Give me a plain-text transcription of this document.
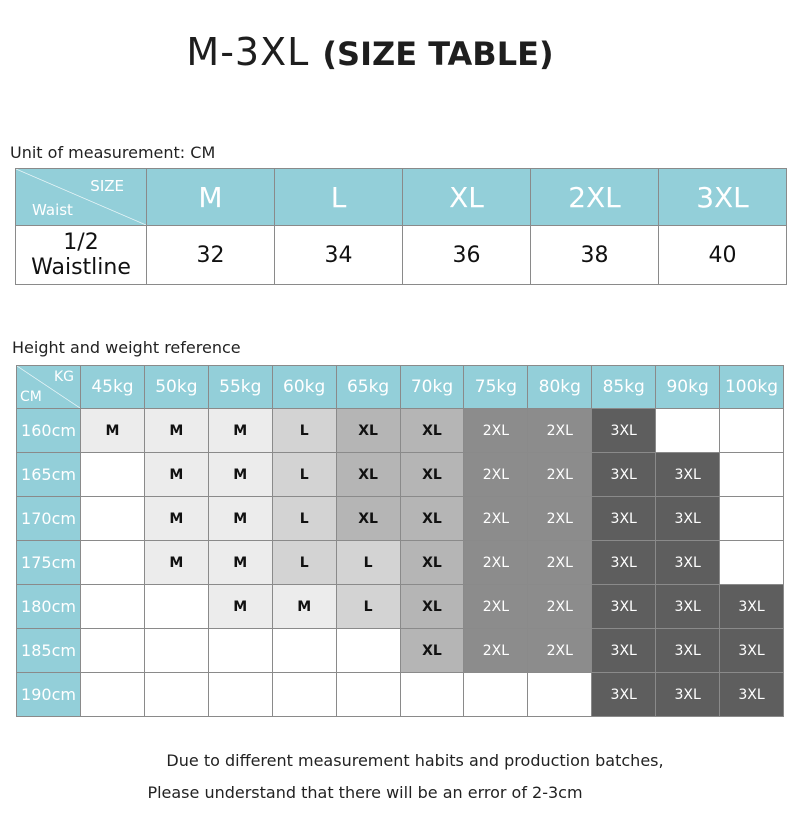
M-3XL (SIZE TABLE)
Unit of measurement: CM
SIZE
Waist	M	L	XL	2XL	3XL
1/2 Waistline	32	34	36	38	40
Height and weight reference
KG
CM	45kg	50kg	55kg	60kg	65kg	70kg	75kg	80kg	85kg	90kg	100kg
160cm	M	M	M	L	XL	XL	2XL	2XL	3XL		
165cm		M	M	L	XL	XL	2XL	2XL	3XL	3XL	
170cm		M	M	L	XL	XL	2XL	2XL	3XL	3XL	
175cm		M	M	L	L	XL	2XL	2XL	3XL	3XL	
180cm			M	M	L	XL	2XL	2XL	3XL	3XL	3XL
185cm						XL	2XL	2XL	3XL	3XL	3XL
190cm									3XL	3XL	3XL
Due to different measurement habits and production batches,
Please understand that there will be an error of 2-3cm
